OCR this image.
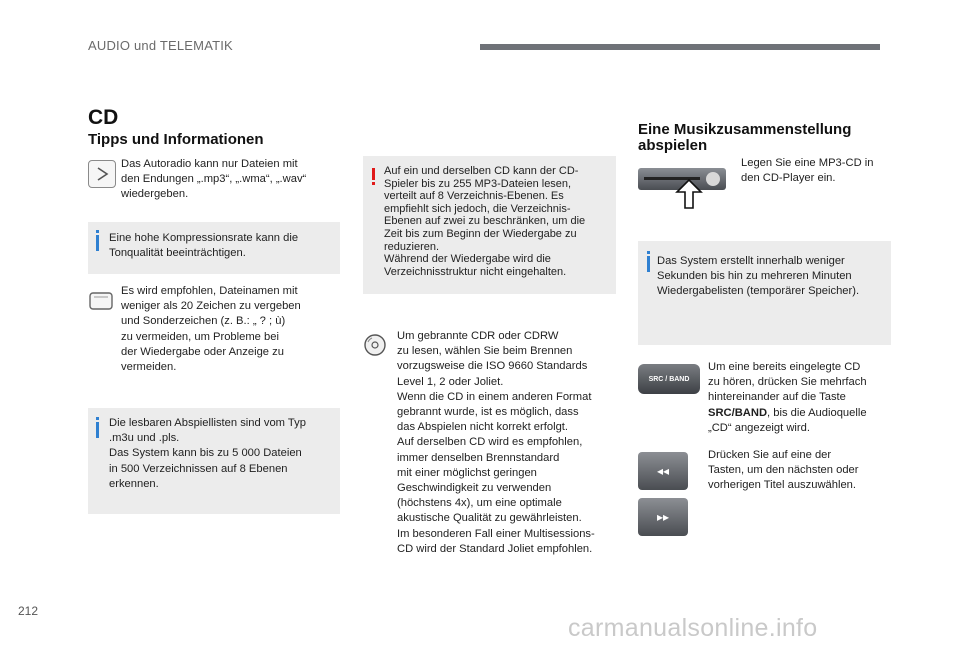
AUDIO und TELEMATIK
CD
Tipps und Informationen
Das Autoradio kann nur Dateien mit
den Endungen „.mp3“, „.wma“, „.wav“
wiedergeben.
Eine hohe Kompressionsrate kann die
Tonqualität beeinträchtigen.
Es wird empfohlen, Dateinamen mit
weniger als 20 Zeichen zu vergeben
und Sonderzeichen (z. B.: „ ? ; ù)
zu vermeiden, um Probleme bei
der Wiedergabe oder Anzeige zu
vermeiden.
Die lesbaren Abspiellisten sind vom Typ
.m3u und .pls.
Das System kann bis zu 5 000 Dateien
in 500 Verzeichnissen auf 8 Ebenen
erkennen.
Auf ein und derselben CD kann der CD-
Spieler bis zu 255 MP3-Dateien lesen,
verteilt auf 8 Verzeichnis-Ebenen. Es
empfiehlt sich jedoch, die Verzeichnis-
Ebenen auf zwei zu beschränken, um die
Zeit bis zum Beginn der Wiedergabe zu
reduzieren.
Während der Wiedergabe wird die
Verzeichnisstruktur nicht eingehalten.
Um gebrannte CDR oder CDRW
zu lesen, wählen Sie beim Brennen
vorzugsweise die ISO 9660 Standards
Level 1, 2 oder Joliet.
Wenn die CD in einem anderen Format
gebrannt wurde, ist es möglich, dass
das Abspielen nicht korrekt erfolgt.
Auf derselben CD wird es empfohlen,
immer denselben Brennstandard
mit einer möglichst geringen
Geschwindigkeit zu verwenden
(höchstens 4x), um eine optimale
akustische Qualität zu gewährleisten.
Im besonderen Fall einer Multisessions-
CD wird der Standard Joliet empfohlen.
Eine Musikzusammenstellung
abspielen
Legen Sie eine MP3-CD in
den CD-Player ein.
Das System erstellt innerhalb weniger
Sekunden bis hin zu mehreren Minuten
Wiedergabelisten (temporärer Speicher).
SRC / BAND
Um eine bereits eingelegte CD
zu hören, drücken Sie mehrfach
hintereinander auf die Taste
SRC/BAND, bis die Audioquelle
„CD“ angezeigt wird.
◂◂
▸▸
Drücken Sie auf eine der
Tasten, um den nächsten oder
vorherigen Titel auszuwählen.
212
carmanualsonline.info
